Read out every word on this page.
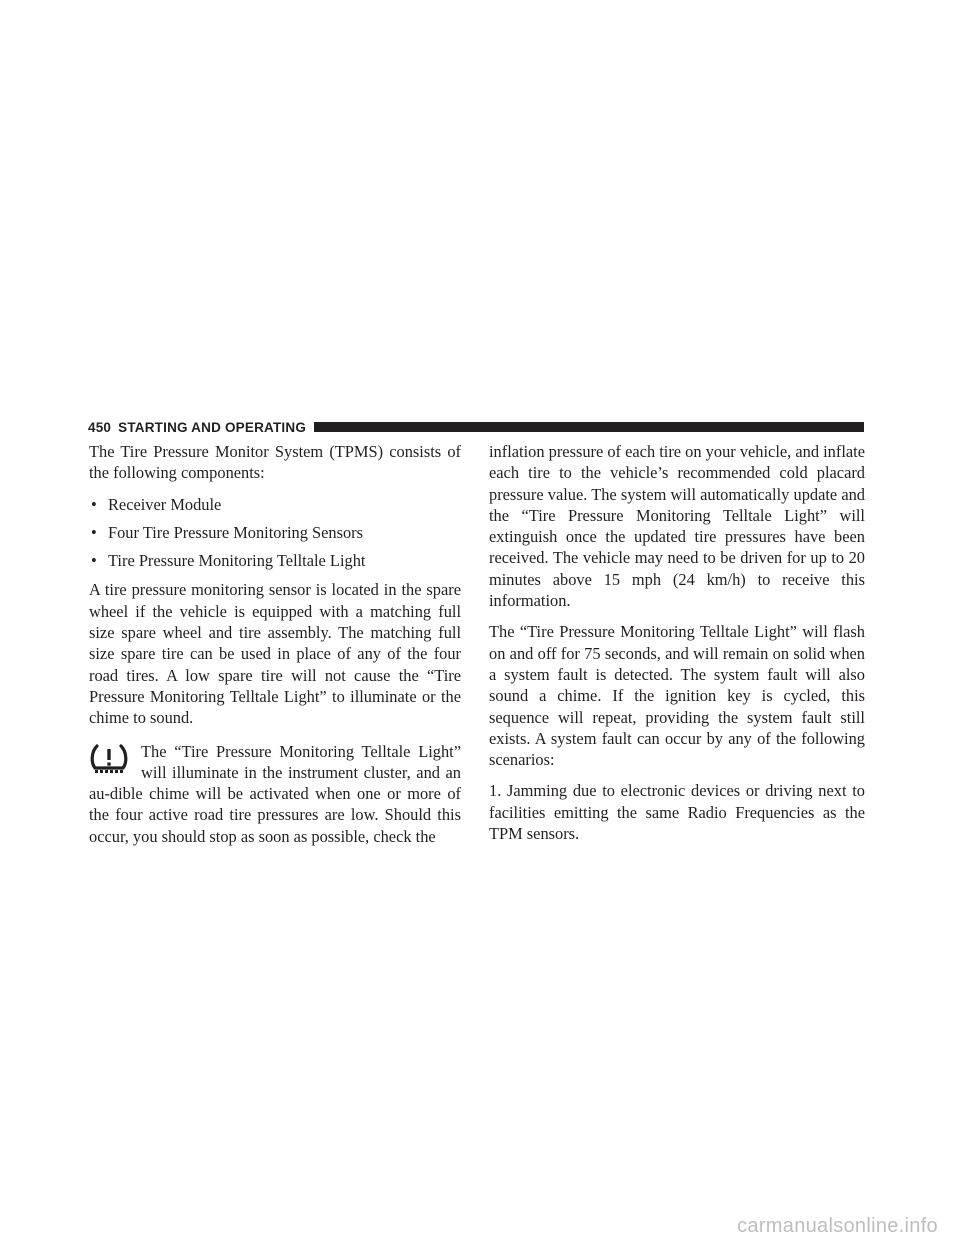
450 STARTING AND OPERATING

The Tire Pressure Monitor System (TPMS) consists of the following components:

• Receiver Module
• Four Tire Pressure Monitoring Sensors
• Tire Pressure Monitoring Telltale Light

A tire pressure monitoring sensor is located in the spare wheel if the vehicle is equipped with a matching full size spare wheel and tire assembly. The matching full size spare tire can be used in place of any of the four road tires. A low spare tire will not cause the “Tire Pressure Monitoring Telltale Light” to illuminate or the chime to sound.

The “Tire Pressure Monitoring Telltale Light” will illuminate in the instrument cluster, and an au-dible chime will be activated when one or more of the four active road tire pressures are low. Should this occur, you should stop as soon as possible, check the

inflation pressure of each tire on your vehicle, and inflate each tire to the vehicle’s recommended cold placard pressure value. The system will automatically update and the “Tire Pressure Monitoring Telltale Light” will extinguish once the updated tire pressures have been received. The vehicle may need to be driven for up to 20 minutes above 15 mph (24 km/h) to receive this information.

The “Tire Pressure Monitoring Telltale Light” will flash on and off for 75 seconds, and will remain on solid when a system fault is detected. The system fault will also sound a chime. If the ignition key is cycled, this sequence will repeat, providing the system fault still exists. A system fault can occur by any of the following scenarios:

1. Jamming due to electronic devices or driving next to facilities emitting the same Radio Frequencies as the TPM sensors.

carmanualsonline.info
